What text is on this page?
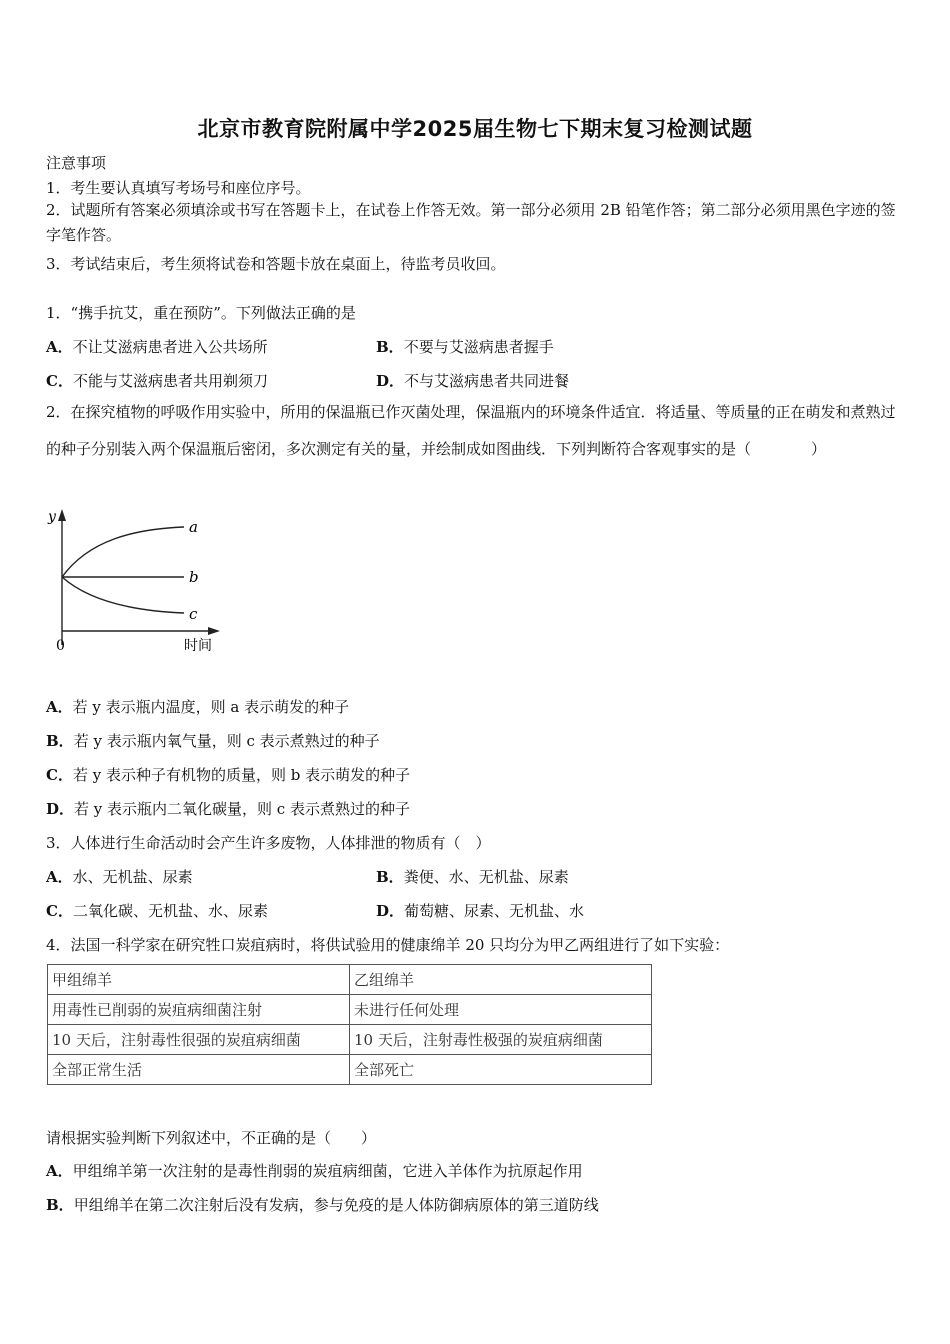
北京市教育院附属中学2025届生物七下期末复习检测试题
注意事项
1．考生要认真填写考场号和座位序号。
2．试题所有答案必须填涂或书写在答题卡上，在试卷上作答无效。第一部分必须用 2B 铅笔作答；第二部分必须用黑色字迹的签字笔作答。
3．考试结束后，考生须将试卷和答题卡放在桌面上，待监考员收回。
1．“携手抗艾，重在预防”。下列做法正确的是
A．不让艾滋病患者进入公共场所	B．不要与艾滋病患者握手
C．不能与艾滋病患者共用剃须刀	D．不与艾滋病患者共同进餐
2．在探究植物的呼吸作用实验中，所用的保温瓶已作灭菌处理，保温瓶内的环境条件适宜．将适量、等质量的正在萌发和煮熟过的种子分别装入两个保温瓶后密闭，多次测定有关的量，并绘制成如图曲线．下列判断符合客观事实的是（　　　　）
y
a
b
c
0	时间
A．若 y 表示瓶内温度，则 a 表示萌发的种子
B．若 y 表示瓶内氧气量，则 c 表示煮熟过的种子
C．若 y 表示种子有机物的质量，则 b 表示萌发的种子
D．若 y 表示瓶内二氧化碳量，则 c 表示煮熟过的种子
3．人体进行生命活动时会产生许多废物，人体排泄的物质有（　）
A．水、无机盐、尿素	B．粪便、水、无机盐、尿素
C．二氧化碳、无机盐、水、尿素	D．葡萄糖、尿素、无机盐、水
4．法国一科学家在研究牲口炭疽病时，将供试验用的健康绵羊 20 只均分为甲乙两组进行了如下实验：
甲组绵羊	乙组绵羊
用毒性已削弱的炭疽病细菌注射	未进行任何处理
10 天后，注射毒性很强的炭疽病细菌	10 天后，注射毒性极强的炭疽病细菌
全部正常生活	全部死亡
请根据实验判断下列叙述中，不正确的是（　　）
A．甲组绵羊第一次注射的是毒性削弱的炭疽病细菌，它进入羊体作为抗原起作用
B．甲组绵羊在第二次注射后没有发病，参与免疫的是人体防御病原体的第三道防线
